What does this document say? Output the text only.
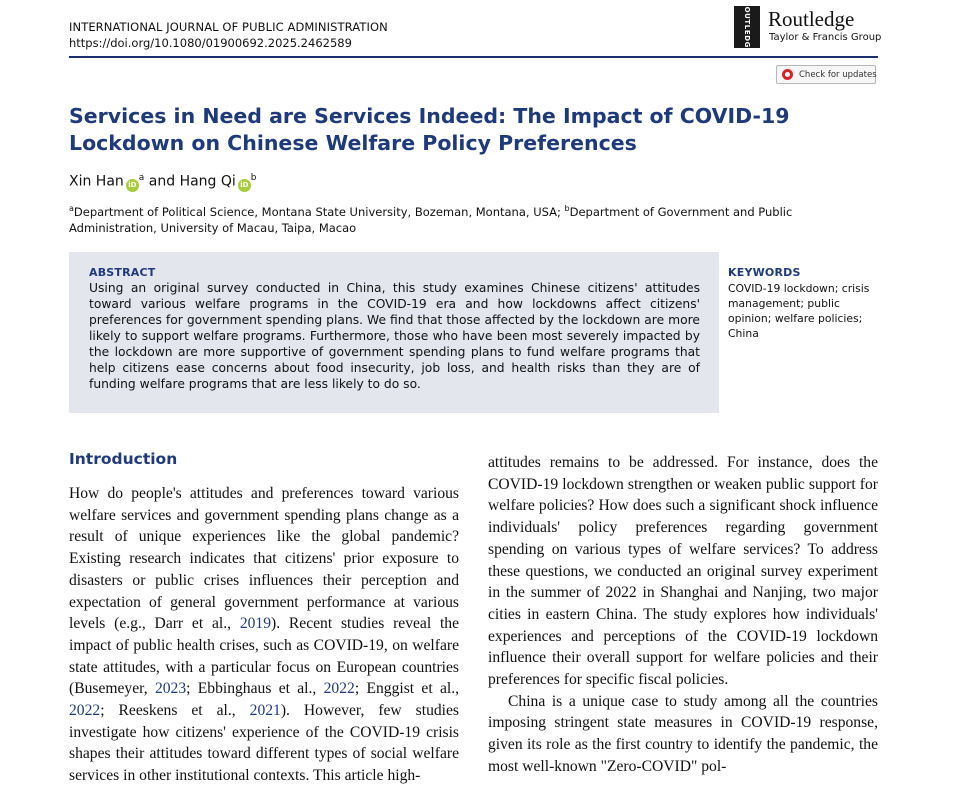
INTERNATIONAL JOURNAL OF PUBLIC ADMINISTRATION
https://doi.org/10.1080/01900692.2025.2462589	ROUTLEDGE Routledge
Taylor & Francis Group
Check for updates
Services in Need are Services Indeed: The Impact of COVID-19 Lockdown on Chinese Welfare Policy Preferences
Xin Han $iD^a$ and Hang Qi $iD^b$
$^a$Department of Political Science, Montana State University, Bozeman, Montana, USA; $^b$Department of Government and Public Administration, University of Macau, Taipa, Macao
ABSTRACT
Using an original survey conducted in China, this study examines Chinese citizens' attitudes toward various welfare programs in the COVID-19 era and how lockdowns affect citizens' preferences for government spending plans. We find that those affected by the lockdown are more likely to support welfare programs. Furthermore, those who have been most severely impacted by the lockdown are more supportive of government spending plans to fund welfare programs that help citizens ease concerns about food insecurity, job loss, and health risks than they are of funding welfare programs that are less likely to do so.
KEYWORDS
COVID-19 lockdown; crisis management; public opinion; welfare policies; China
Introduction

How do people's attitudes and preferences toward various welfare services and government spending plans change as a result of unique experiences like the global pandemic? Existing research indicates that citizens' prior exposure to disasters or public crises influences their perception and expectation of general government performance at various levels (e.g., Darr et al., 2019). Recent studies reveal the impact of public health crises, such as COVID-19, on welfare state attitudes, with a particular focus on European countries (Busemeyer, 2023; Ebbinghaus et al., 2022; Enggist et al., 2022; Reeskens et al., 2021). However, few studies investigate how citizens' experience of the COVID-19 crisis shapes their attitudes toward different types of social welfare services in other institutional contexts. This article high-

attitudes remains to be addressed. For instance, does the COVID-19 lockdown strengthen or weaken public support for welfare policies? How does such a significant shock influence individuals' policy preferences regarding government spending on various types of welfare services? To address these questions, we conducted an original survey experiment in the summer of 2022 in Shanghai and Nanjing, two major cities in eastern China. The study explores how individuals' experiences and perceptions of the COVID-19 lockdown influence their overall support for welfare policies and their preferences for specific fiscal policies.

China is a unique case to study among all the countries imposing stringent state measures in COVID-19 response, given its role as the first country to identify the pandemic, the most well-known "Zero-COVID" pol-
